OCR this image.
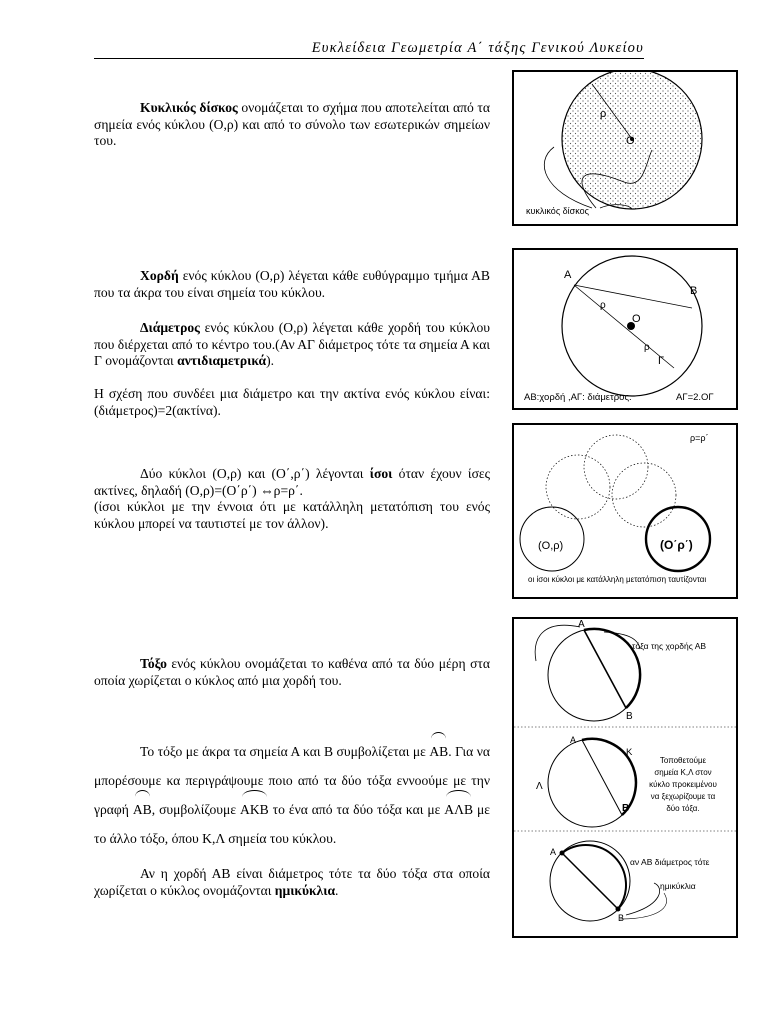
Ευκλείδεια Γεωμετρία Α΄ τάξης Γενικού Λυκείου
Κυκλικός δίσκος ονομάζεται το σχήμα που αποτελείται από τα σημεία ενός κύκλου (Ο,ρ) και από το σύνολο των εσωτερικών σημείων του.
Χορδή ενός κύκλου (Ο,ρ) λέγεται κάθε ευθύγραμμο τμήμα ΑΒ που τα άκρα του είναι σημεία του κύκλου.
Διάμετρος ενός κύκλου (Ο,ρ) λέγεται κάθε χορδή του κύκλου που διέρχεται από το κέντρο του.(Αν ΑΓ διάμετρος τότε τα σημεία Α και Γ ονομάζονται αντιδιαμετρικά).
Η σχέση που συνδέει μια διάμετρο και την ακτίνα ενός κύκλου είναι: (διάμετρος)=2(ακτίνα).
Δύο κύκλοι (Ο,ρ) και (Ο΄,ρ΄) λέγονται ίσοι όταν έχουν ίσες ακτίνες, δηλαδή (Ο,ρ)=(Ο΄ρ΄) ⇔ρ=ρ΄.
(ίσοι κύκλοι με την έννοια ότι με κατάλληλη μετατόπιση του ενός κύκλου μπορεί να ταυτιστεί με τον άλλον).
Τόξο ενός κύκλου ονομάζεται το καθένα από τα δύο μέρη στα οποία χωρίζεται ο κύκλος από μια χορδή του.
Το τόξο με άκρα τα σημεία Α και Β συμβολίζεται με ΑΒ. Για να μπορέσουμε κα περιγράψουμε ποιο από τα δύο τόξα εννοούμε με την γραφή ΑΒ, συμβολίζουμε ΑΚΒ το ένα από τα δύο τόξα και με ΑΛΒ με το άλλο τόξο, όπου Κ,Λ σημεία του κύκλου.
Αν η χορδή ΑΒ είναι διάμετρος τότε τα δύο τόξα στα οποία χωρίζεται ο κύκλος ονομάζονται ημικύκλια.
ρ
Ο
κυκλικός δίσκος
Α
Β
ρ
Ο
ρ
Γ
ΑΒ:χορδή ,ΑΓ: διάμετρος.	ΑΓ=2.ΟΓ
ρ=ρ΄
(Ο,ρ)	(Ο΄ρ΄)
οι ίσοι κύκλοι με κατάλληλη μετατόπιση ταυτίζονται
Α
Β
τόξα της χορδής ΑΒ
Α
Κ
Λ
Β
Τοποθετούμε
σημεία Κ,Λ στον
κύκλο προκειμένου
να ξεχωρίζουμε τα
δύο τόξα.
Α
Β
αν ΑΒ διάμετρος τότε
ημικύκλια
